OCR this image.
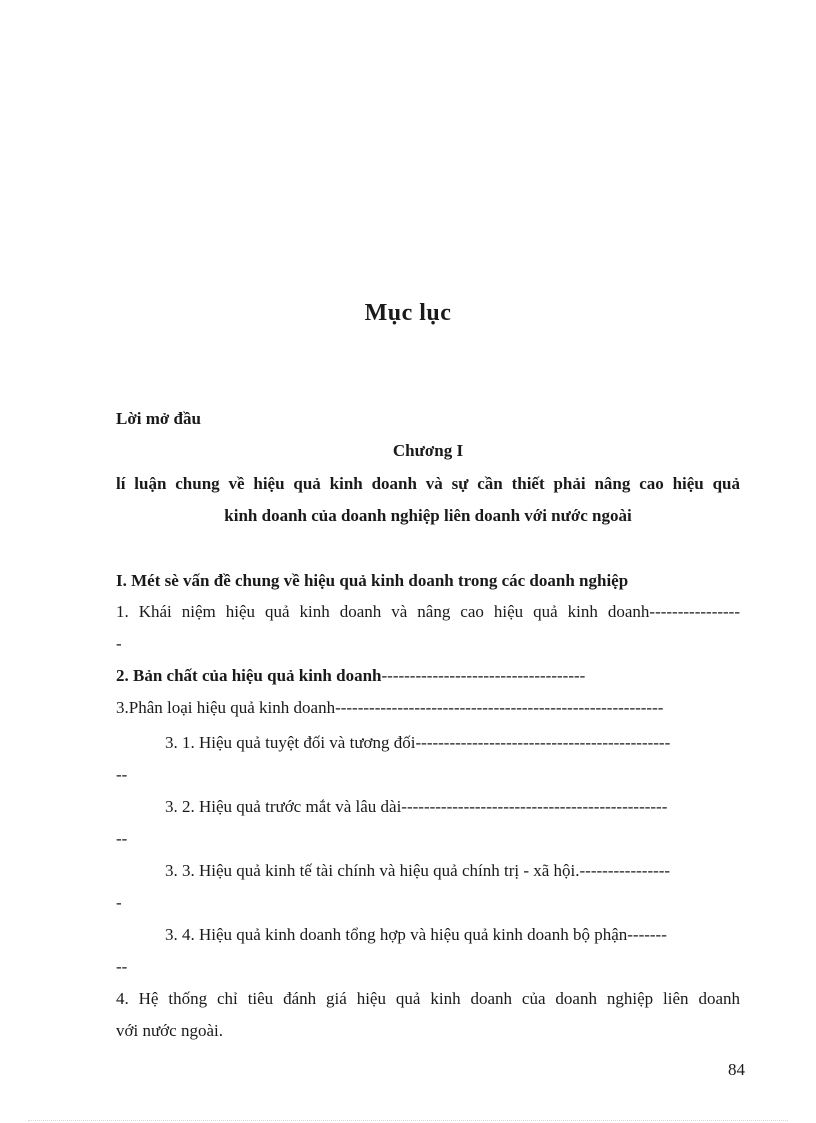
Mục lục
Lời mở đầu
Chương I
lí luận chung về hiệu quả kinh doanh và sự cần thiết phải nâng cao hiệu quả
kinh doanh của doanh nghiệp liên doanh với nước ngoài
I. Mét sè vấn đề chung về hiệu quả kinh doanh trong các doanh nghiệp
1. Khái niệm hiệu quả kinh doanh và nâng cao hiệu quả kinh doanh----------------
-
2. Bản chất của hiệu quả kinh doanh------------------------------------
3.Phân loại hiệu quả kinh doanh----------------------------------------------------------
3. 1. Hiệu quả tuyệt đối và tương đối---------------------------------------------
--
3. 2. Hiệu quả trước mắt và lâu dài-----------------------------------------------
--
3. 3. Hiệu quả kinh tế tài chính và hiệu quả chính trị - xã hội.----------------
-
3. 4. Hiệu quả kinh doanh tổng hợp và hiệu quả kinh doanh bộ phận-------
--
4. Hệ thống chỉ tiêu đánh giá hiệu quả kinh doanh của doanh nghiệp liên doanh
với nước ngoài.
84
